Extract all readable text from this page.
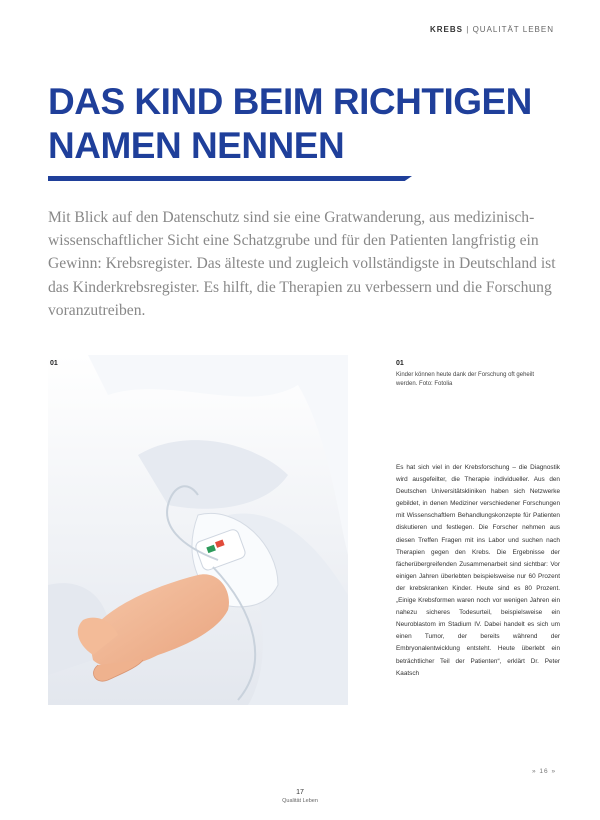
KREBS | QUALITÄT LEBEN
DAS KIND BEIM RICHTIGEN NAMEN NENNEN

Mit Blick auf den Datenschutz sind sie eine Gratwanderung, aus medizinisch-wissenschaftlicher Sicht eine Schatzgrube und für den Patienten langfristig ein Gewinn: Krebsregister. Das älteste und zugleich vollständigste in Deutschland ist das Kinderkrebsregister. Es hilft, die Therapien zu verbessern und die Forschung voranzutreiben.

01	01
Kinder können heute dank der Forschung oft geheilt werden. Foto: Fotolia
Es hat sich viel in der Krebsforschung – die Diagnostik wird ausgefeilter, die Therapie individueller. Aus den Deutschen Universitätskliniken haben sich Netzwerke gebildet, in denen Mediziner verschiedener Forschungen mit Wissenschaftlern Behandlungskonzepte für Patienten diskutieren und festlegen. Die Forscher nehmen aus diesen Treffen Fragen mit ins Labor und suchen nach Therapien gegen den Krebs. Die Ergebnisse der fächerübergreifenden Zusammenarbeit sind sichtbar: Vor einigen Jahren überlebten beispielsweise nur 60 Prozent der krebskranken Kinder. Heute sind es 80 Prozent. „Einige Krebsformen waren noch vor wenigen Jahren ein nahezu sicheres Todesurteil, beispielsweise ein Neuroblastom im Stadium IV. Dabei handelt es sich um einen Tumor, der bereits während der Embryonalentwicklung entsteht. Heute überlebt ein beträchtlicher Teil der Patienten“, erklärt Dr. Peter Kaatsch
» 16 »
17
Qualität Leben
